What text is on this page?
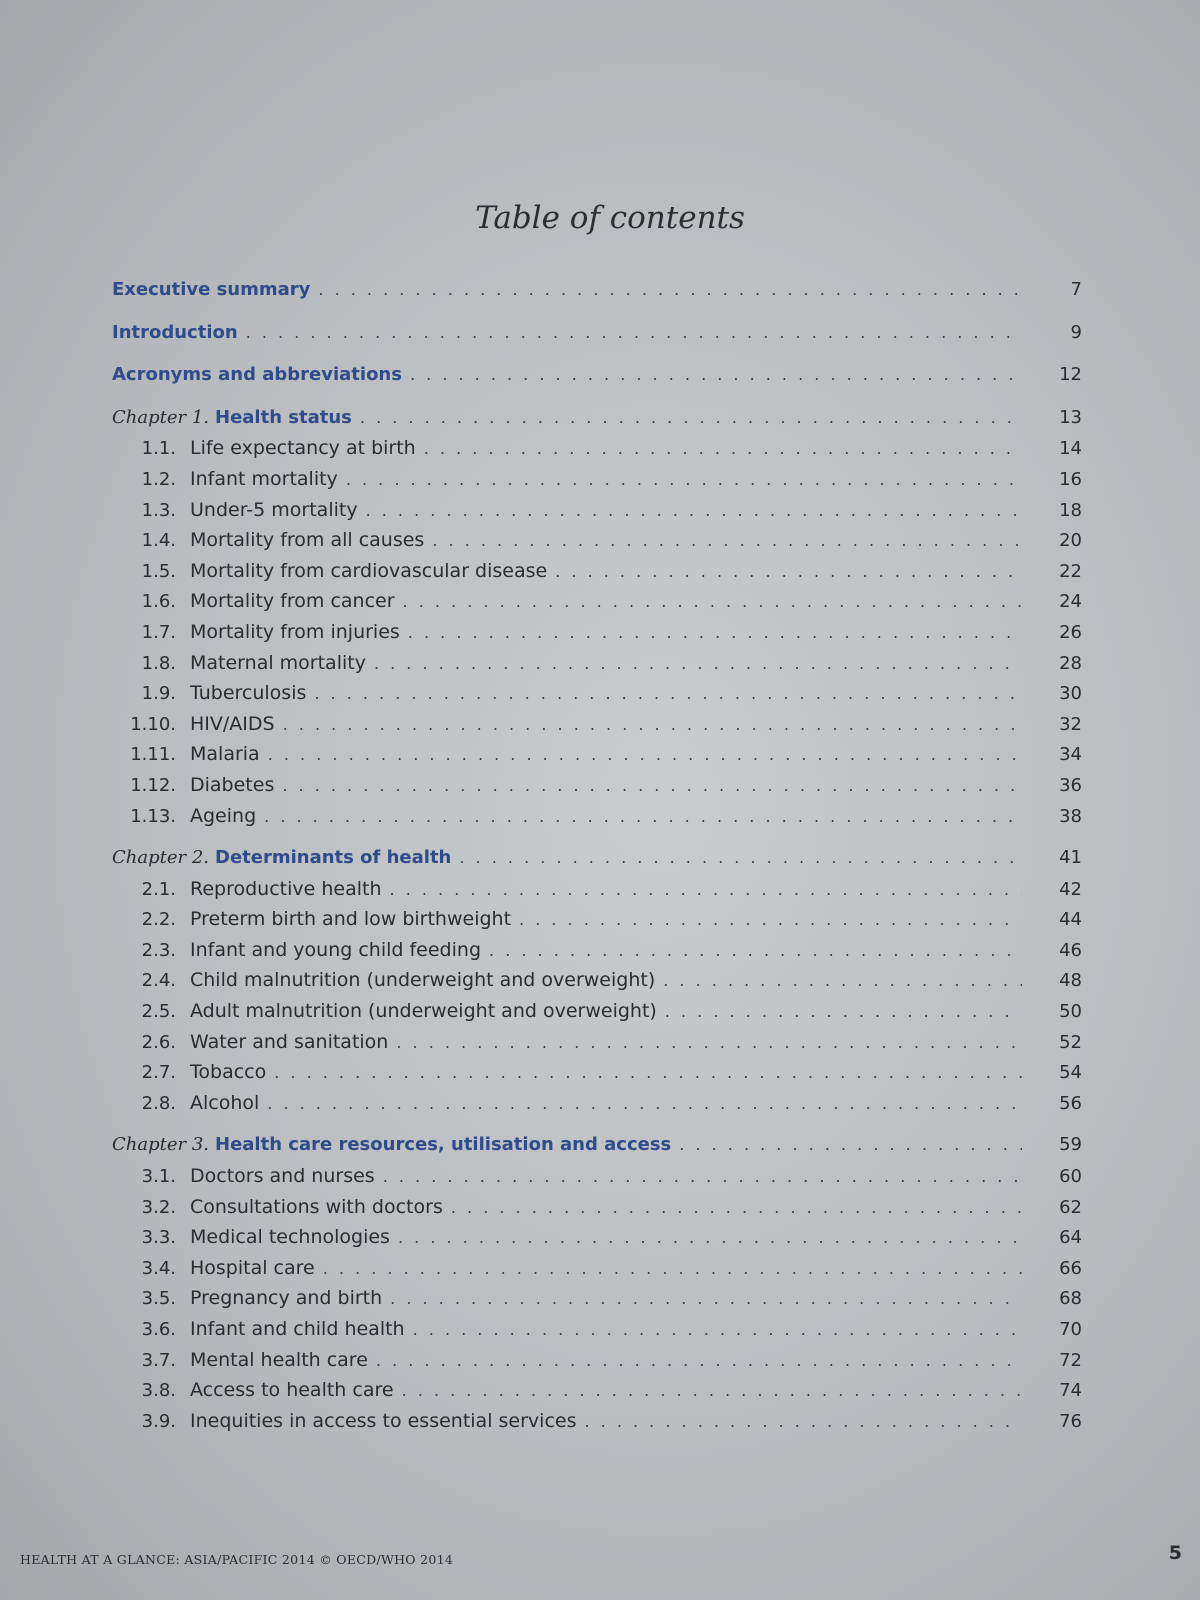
Table of contents
Executive summary . . .	7
Introduction . . .	9
Acronyms and abbreviations . . .	12
Chapter 1. Health status . . .	13
1.1. Life expectancy at birth . . .	14
1.2. Infant mortality . . .	16
1.3. Under-5 mortality . . .	18
1.4. Mortality from all causes . . .	20
1.5. Mortality from cardiovascular disease . . .	22
1.6. Mortality from cancer . . .	24
1.7. Mortality from injuries . . .	26
1.8. Maternal mortality . . .	28
1.9. Tuberculosis . . .	30
1.10. HIV/AIDS . . .	32
1.11. Malaria . . .	34
1.12. Diabetes . . .	36
1.13. Ageing . . .	38
Chapter 2. Determinants of health . . .	41
2.1. Reproductive health . . .	42
2.2. Preterm birth and low birthweight . . .	44
2.3. Infant and young child feeding . . .	46
2.4. Child malnutrition (underweight and overweight) . . .	48
2.5. Adult malnutrition (underweight and overweight) . . .	50
2.6. Water and sanitation . . .	52
2.7. Tobacco . . .	54
2.8. Alcohol . . .	56
Chapter 3. Health care resources, utilisation and access . . .	59
3.1. Doctors and nurses . . .	60
3.2. Consultations with doctors . . .	62
3.3. Medical technologies . . .	64
3.4. Hospital care . . .	66
3.5. Pregnancy and birth . . .	68
3.6. Infant and child health . . .	70
3.7. Mental health care . . .	72
3.8. Access to health care . . .	74
3.9. Inequities in access to essential services . . .	76
HEALTH AT A GLANCE: ASIA/PACIFIC 2014 © OECD/WHO 2014	5
